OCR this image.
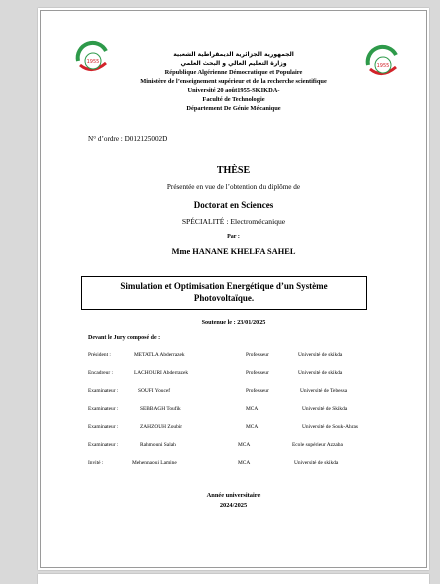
1955
1955
الجمهورية الجزائرية الديمقراطية الشعبية
وزارة التعليم العالي و البحث العلمي
République Algérienne Démocratique et Populaire
Ministère de l’enseignement supérieur et de la recherche scientifique
Université 20 août1955-SKIKDA-
Faculté de Technologie
Département De Génie Mécanique
N° d’ordre : D012125002D
THÈSE
Présentée en vue de l’obtention du diplôme de
Doctorat en Sciences
SPÉCIALITÉ : Electromécanique
Par :
Mme HANANE KHELFA SAHEL
Simulation et Optimisation Energétique d’un Système
Photovoltaïque.
Soutenue le : 23/01/2025
Devant le Jury composé de :
Président :	METATLA Abderrazek	Professeur	Université de skikda
Encadreur :	LACHOURI Abderrazek	Professeur	Université de skikda
Examinateur :	SOUFI Youcef	Professeur	Université de Tebessa
Examinateur :	SEBBAGH Toufik	MCA	Université de Skikda
Examinateur :	ZAHZOUH Zoubir	MCA	Université de Souk-Ahras
Examinateur :	Rahmouni Salah	MCA	Ecole supérieur Azzaba
Invité :	Mehennaoui Lamine	MCA	Université de skikda
Année universitaire
2024/2025
